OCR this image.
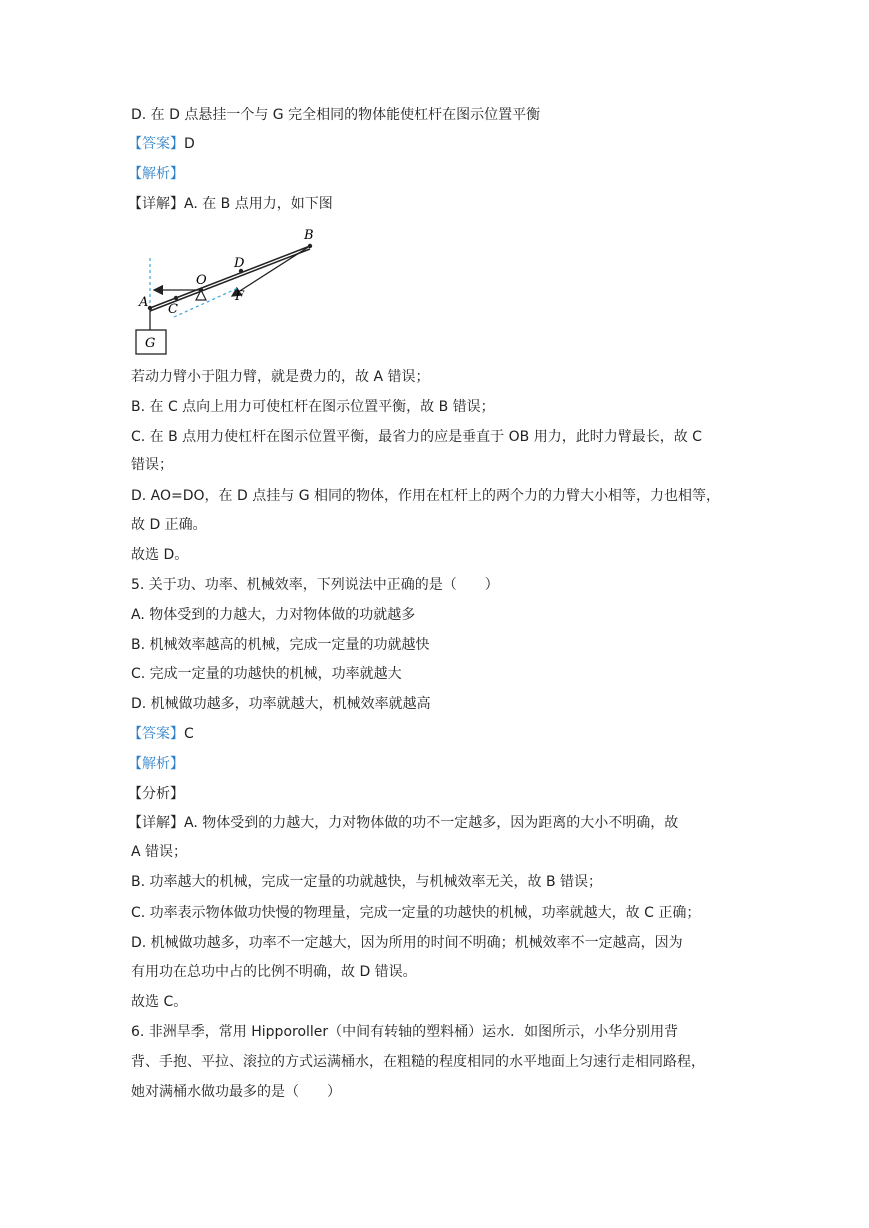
D. 在 D 点悬挂一个与 G 完全相同的物体能使杠杆在图示位置平衡
【答案】D
【解析】
【详解】A. 在 B 点用力，如下图
G
B
D
O
A C
F
若动力臂小于阻力臂，就是费力的，故 A 错误；
B. 在 C 点向上用力可使杠杆在图示位置平衡，故 B 错误；
C. 在 B 点用力使杠杆在图示位置平衡，最省力的应是垂直于 OB 用力，此时力臂最长，故 C
错误；
D. AO=DO，在 D 点挂与 G 相同的物体，作用在杠杆上的两个力的力臂大小相等，力也相等，
故 D 正确。
故选 D。
5. 关于功、功率、机械效率，下列说法中正确的是（　　）
A. 物体受到的力越大，力对物体做的功就越多
B. 机械效率越高的机械，完成一定量的功就越快
C. 完成一定量的功越快的机械，功率就越大
D. 机械做功越多，功率就越大，机械效率就越高
【答案】C
【解析】
【分析】
【详解】A. 物体受到的力越大，力对物体做的功不一定越多，因为距离的大小不明确，故
A 错误；
B. 功率越大的机械，完成一定量的功就越快，与机械效率无关，故 B 错误；
C. 功率表示物体做功快慢的物理量，完成一定量的功越快的机械，功率就越大，故 C 正确；
D. 机械做功越多，功率不一定越大，因为所用的时间不明确；机械效率不一定越高，因为
有用功在总功中占的比例不明确，故 D 错误。
故选 C。
6. 非洲旱季，常用 Hipporoller（中间有转轴的塑料桶）运水．如图所示，小华分别用背
背、手抱、平拉、滚拉的方式运满桶水，在粗糙的程度相同的水平地面上匀速行走相同路程，
她对满桶水做功最多的是（　　）
